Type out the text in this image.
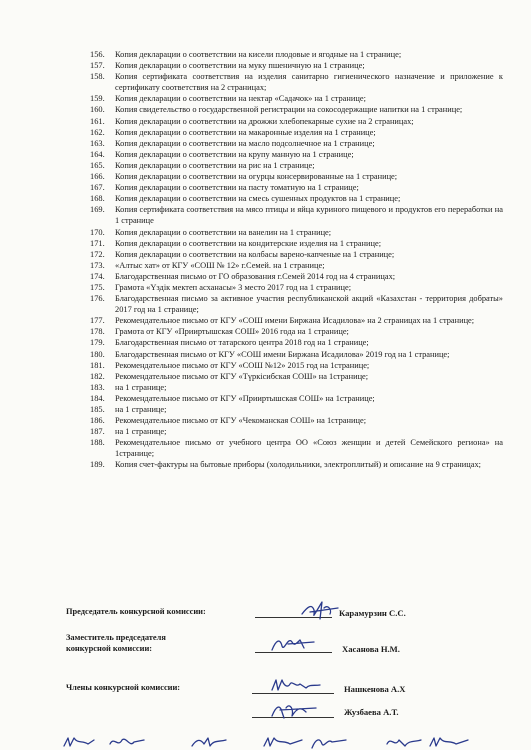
156.	Копия декларации о соответствии на кисели плодовые и ягодные на 1 странице;
157.	Копия декларации о соответствии на муку пшеничную на 1 странице;
158.	Копия сертификата соответствия на изделия санитарно гигиенического назначение и приложение к сертификату соответствия на 2 страницах;
159.	Копия декларации о соответствии на нектар «Садачок» на 1 странице;
160.	Копия свидетельство о государственной регистрации на сокосодержащие напитки на 1 странице;
161.	Копия декларации о соответствии на дрожжи хлебопекарные сухие на 2 страницах;
162.	Копия декларации о соответствии на макаронные изделия на 1 странице;
163.	Копия декларации о соответствии на масло подсолнечное на 1 странице;
164.	Копия декларации о соответствии на крупу манную на 1 странице;
165.	Копия декларации о соответствии на рис на 1 странице;
166.	Копия декларации о соответствии на огурцы консервированные на 1 странице;
167.	Копия декларации о соответствии на пасту томатную на 1 странице;
168.	Копия декларации о соответствии на смесь сушенных продуктов на 1 странице;
169.	Копия сертификата соответствия на мясо птицы и яйца куриного пищевого и продуктов его переработки на 1 странице
170.	Копия декларации о соответствии на ванелин на 1 странице;
171.	Копия декларации о соответствии на кондитерские изделия на 1 странице;
172.	Копия декларации о соответствии на колбасы варено-капченые на 1 странице;
173.	«Алтыс хат» от КГУ «СОШ № 12» г.Семей. на 1 странице;
174.	Благодарственная письмо от ГО образования г.Семей 2014 год на 4 страницах;
175.	Грамота «Үздік мектеп асханасы» 3 место 2017 год на 1 странице;
176.	Благодарственная письмо за активное участия республиканской акций «Казахстан - территория добраты» 2017 год на 1 странице;
177.	Рекомендательное письмо от КГУ «СОШ имени Биржана Исадилова» на 2 страницах на 1 странице;
178.	Грамота от КГУ «Прииртышская СОШ» 2016 года на 1 странице;
179.	Благодарственная письмо от татарского центра 2018 год на 1 странице;
180.	Благодарственная письмо от КГУ «СОШ имени Биржана Исадилова» 2019 год на 1 странице;
181.	Рекомендательное письмо от КГУ «СОШ №12» 2015 год на 1странице;
182.	Рекомендательное письмо от КГУ «Түркісибская СОШ» на 1странице;
183.	на 1 странице;
184.	Рекомендательное письмо от КГУ «Прииртышская СОШ» на 1странице;
185.	на 1 странице;
186.	Рекомендательное письмо от КГУ «Чекоманская СОШ» на 1странице;
187.	на 1 странице;
188.	Рекомендательное письмо от учебного центра ОО «Союз женщин и детей Семейского региона» на 1странице;
189.	Копия счет-фактуры на бытовые приборы (холодильники, электроплитый) и описание на 9 страницах;
Председатель конкурсной комиссии:	Карамурзин С.С.
Заместитель председателя
конкурсной комиссии:	Хасанова Н.М.
Члены конкурсной комиссии:	Нашкенова А.Х
Жузбаева А.Т.
